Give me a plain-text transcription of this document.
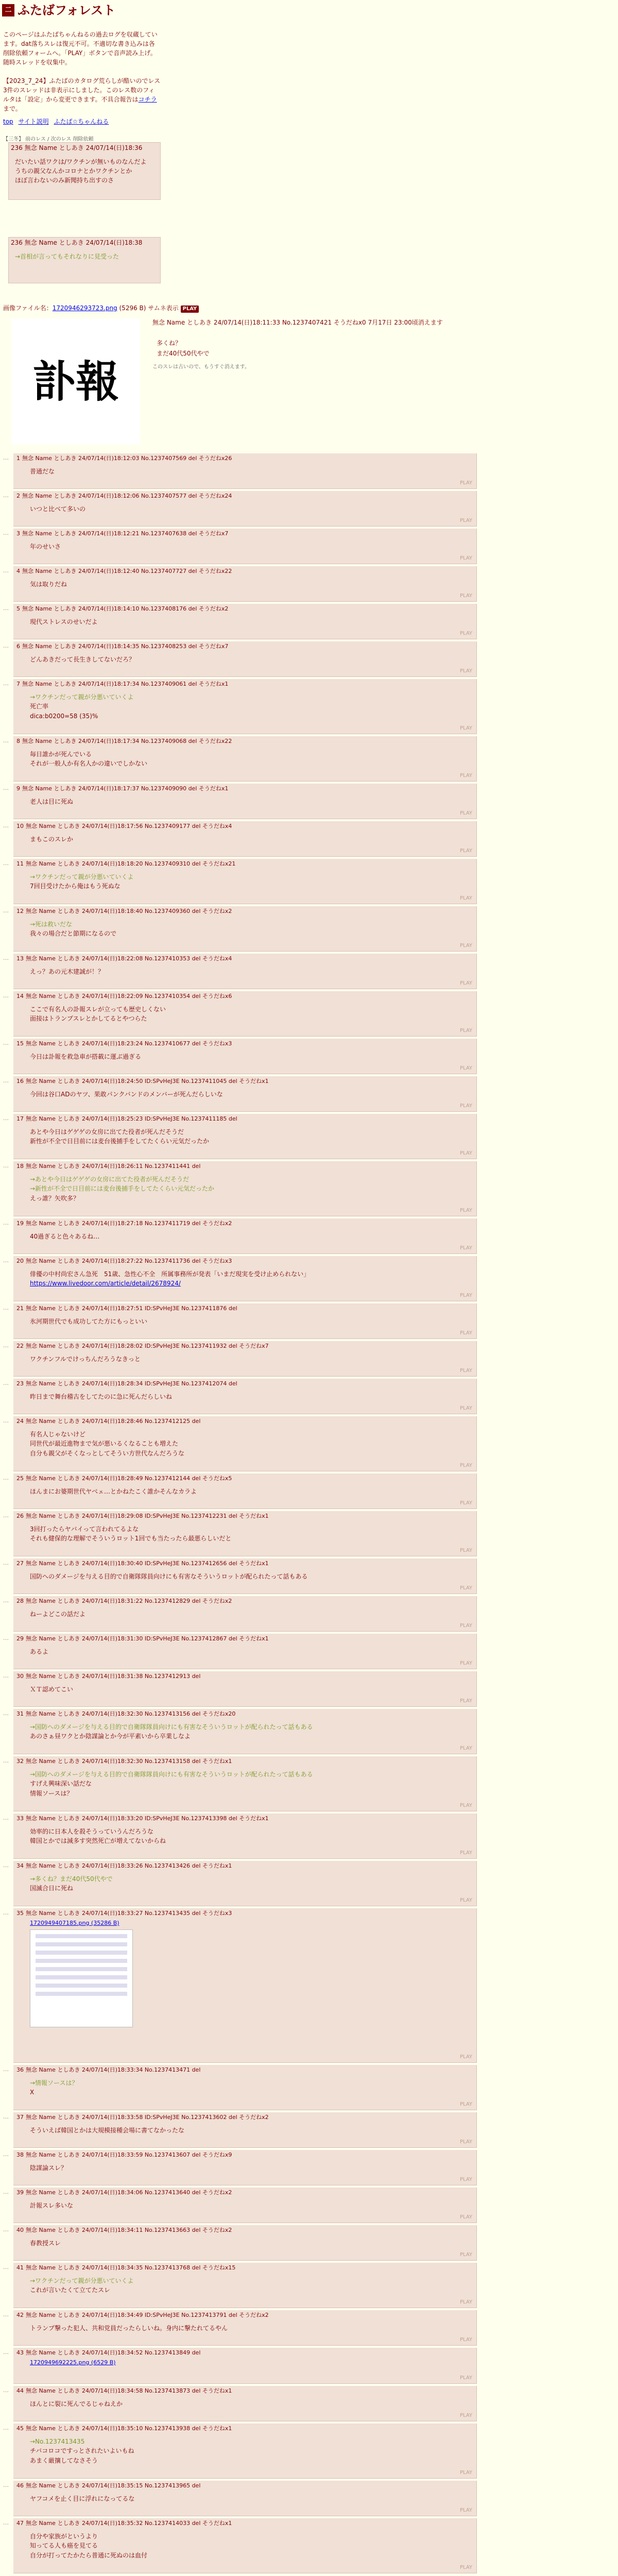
二 ふたばフォレスト
このページはふたばちゃんねるの過去ログを収蔵しています。dat落ちスレは復元不可。不適切な書き込みは各削除依頼フォームへ。「PLAY」ボタンで音声読み上げ。随時スレッドを収集中。
【2023_7_24】ふたばのカタログ荒らしが酷いのでレス3件のスレッドは非表示にしました。このレス数のフィルタは「設定」から変更できます。不具合報告はコチラまで。
top サイト説明 ふたば☆ちゃんねる
【三冬】 前のレス / 次のレス 削除依頼
236 無念 Name としあき 24/07/14(日)18:36
だいたい話ワクは/ワクチンが無いものなんだよ
うちの親父なんかコロナとかワクチンとか
ほぼ言わないのみ新聞持ち出すのさ
236 無念 Name としあき 24/07/14(日)18:38
→首相が言ってもそれなりに見受った
画像ファイル名：1720946293723.png (5296 B) サムネ表示 PLAY
訃報
無念 Name としあき 24/07/14(日)18:11:33 No.1237407421 そうだねx0 7月17日 23:00頃消えます
多くね？
まだ40代50代やで
このスレは古いので、もうすぐ消えます。
…	1 無念 Name としあき 24/07/14(日)18:12:03 No.1237407569 del そうだねx26
普通だな
PLAY
…	2 無念 Name としあき 24/07/14(日)18:12:06 No.1237407577 del そうだねx24
いつと比べて多いの
PLAY
…	3 無念 Name としあき 24/07/14(日)18:12:21 No.1237407638 del そうだねx7
年のせいさ
PLAY
…	4 無念 Name としあき 24/07/14(日)18:12:40 No.1237407727 del そうだねx22
気は取りだね
PLAY
…	5 無念 Name としあき 24/07/14(日)18:14:10 No.1237408176 del そうだねx2
現代ストレスのせいだよ
PLAY
…	6 無念 Name としあき 24/07/14(日)18:14:35 No.1237408253 del そうだねx7
どんあきだって長生きしてないだろ？
PLAY
…	7 無念 Name としあき 24/07/14(日)18:17:34 No.1237409061 del そうだねx1
→ワクチンだって親が分悪いていくよ
死亡率
dica:b0200=58 (35)%
PLAY
…	8 無念 Name としあき 24/07/14(日)18:17:34 No.1237409068 del そうだねx22
毎日誰かが死んでいる
それが一般人か有名人かの違いでしかない
PLAY
…	9 無念 Name としあき 24/07/14(日)18:17:37 No.1237409090 del そうだねx1
老人は目に死ぬ
PLAY
…	10 無念 Name としあき 24/07/14(日)18:17:56 No.1237409177 del そうだねx4
まもこのスレか
PLAY
…	11 無念 Name としあき 24/07/14(日)18:18:20 No.1237409310 del そうだねx21
→ワクチンだって親が分悪いていくよ
7回目受けたから俺はもう死ぬな
PLAY
…	12 無念 Name としあき 24/07/14(日)18:18:40 No.1237409360 del そうだねx2
→死は救いだな
我々の場合だと節期になるので
PLAY
…	13 無念 Name としあき 24/07/14(日)18:22:08 No.1237410353 del そうだねx4
えっ？あの元木建誠が！？
PLAY
…	14 無念 Name としあき 24/07/14(日)18:22:09 No.1237410354 del そうだねx6
ここで有名人の訃報スレが立っても歴史しくない
面接はトランプスレとかしてるとやつらた
PLAY
…	15 無念 Name としあき 24/07/14(日)18:23:24 No.1237410677 del そうだねx3
今日は訃報を救急車が搭載に運ぶ過ぎる
PLAY
…	16 無念 Name としあき 24/07/14(日)18:24:50 ID:SPvHeJ3E No.1237411045 del そうだねx1
今回は谷口ADのヤツ、果敢パンクバンドのメンバーが死んだらしいな
PLAY
…	17 無念 Name としあき 24/07/14(日)18:25:23 ID:SPvHeJ3E No.1237411185 del
あとや今日はゲゲゲの女房に出てた役者が死んだそうだ
新性が不全で日目前には麦台後捕手をしてたくらい元気だったか
PLAY
…	18 無念 Name としあき 24/07/14(日)18:26:11 No.1237411441 del
→あとや今日はゲゲゲの女房に出てた役者が死んだそうだ
→新性が不全で日目前には麦台後捕手をしてたくらい元気だったか
えっ誰？矢吹多？
PLAY
…	19 無念 Name としあき 24/07/14(日)18:27:18 No.1237411719 del そうだねx2
40過ぎると色々あるね…
PLAY
…	20 無念 Name としあき 24/07/14(日)18:27:22 No.1237411736 del そうだねx3
俳優の中村尚宏さん急死　51歳、急性心不全　所属事務所が発表「いまだ現実を受け止められない」
https://www.livedoor.com/article/detail/2678924/
PLAY
…	21 無念 Name としあき 24/07/14(日)18:27:51 ID:SPvHeJ3E No.1237411876 del
氷河期世代でも成功してた方にもっといい
PLAY
…	22 無念 Name としあき 24/07/14(日)18:28:02 ID:SPvHeJ3E No.1237411932 del そうだねx7
ワクチンフルでけっちんだろうなきっと
PLAY
…	23 無念 Name としあき 24/07/14(日)18:28:34 ID:SPvHeJ3E No.1237412074 del
昨日まで舞台稽古をしてたのに急に死んだらしいね
PLAY
…	24 無念 Name としあき 24/07/14(日)18:28:46 No.1237412125 del
有名人じゃないけど
同世代が最近進物まで気が悪いるくなることも増えた
自分も親父がそくなっとしてそうい方世代なんだろうな
PLAY
…	25 無念 Name としあき 24/07/14(日)18:28:49 No.1237412144 del そうだねx5
ほんまにお婆期世代ヤベェ…とかねたこく誰かそんなカラよ
PLAY
…	26 無念 Name としあき 24/07/14(日)18:29:08 ID:SPvHeJ3E No.1237412231 del そうだねx1
3回打ったらヤバイって言われてるよな
それも健保的な理解でそういうロット1回でも当たったら最悪らしいだと
PLAY
…	27 無念 Name としあき 24/07/14(日)18:30:40 ID:SPvHeJ3E No.1237412656 del そうだねx1
国防へのダメージを与える目的で自衛隊隊員向けにも有害なそういうロットが配られたって話もある
PLAY
…	28 無念 Name としあき 24/07/14(日)18:31:22 No.1237412829 del そうだねx2
ねーよどこの話だよ
PLAY
…	29 無念 Name としあき 24/07/14(日)18:31:30 ID:SPvHeJ3E No.1237412867 del そうだねx1
あるよ
PLAY
…	30 無念 Name としあき 24/07/14(日)18:31:38 No.1237412913 del
ＸＴ認めてこい
PLAY
…	31 無念 Name としあき 24/07/14(日)18:32:30 No.1237413156 del そうだねx20
→国防へのダメージを与える目的で自衛隊隊員向けにも有害なそういうロットが配られたって話もある
あのさぁ昼ワクとか陰謀論とか今が平素いから卒業しなよ
PLAY
…	32 無念 Name としあき 24/07/14(日)18:32:30 No.1237413158 del そうだねx1
→国防へのダメージを与える目的で自衛隊隊員向けにも有害なそういうロットが配られたって話もある
すげえ興味深い話だな
情報ソースは？
PLAY
…	33 無念 Name としあき 24/07/14(日)18:33:20 ID:SPvHeJ3E No.1237413398 del そうだねx1
効率的に日本人を殺そうっていうんだろうな
韓国とかでは減多す突然死亡が増えてないからね
PLAY
…	34 無念 Name としあき 24/07/14(日)18:33:26 No.1237413426 del そうだねx1
→多くね？まだ40代50代やで
国滅合日に死ね
PLAY
…	35 無念 Name としあき 24/07/14(日)18:33:27 No.1237413435 del そうだねx3
1720949407185.png (35286 B)
PLAY
…	36 無念 Name としあき 24/07/14(日)18:33:34 No.1237413471 del
→情報ソースは？
X
PLAY
…	37 無念 Name としあき 24/07/14(日)18:33:58 ID:SPvHeJ3E No.1237413602 del そうだねx2
そういえば韓国とかは大規模接種会場に書てなかったな
PLAY
…	38 無念 Name としあき 24/07/14(日)18:33:59 No.1237413607 del そうだねx9
陰謀論スレ？
PLAY
…	39 無念 Name としあき 24/07/14(日)18:34:06 No.1237413640 del そうだねx2
計報スレ多いな
PLAY
…	40 無念 Name としあき 24/07/14(日)18:34:11 No.1237413663 del そうだねx2
春教授スレ
PLAY
…	41 無念 Name としあき 24/07/14(日)18:34:35 No.1237413768 del そうだねx15
→ワクチンだって親が分悪いていくよ
これが言いたくて立てたスレ
PLAY
…	42 無念 Name としあき 24/07/14(日)18:34:49 ID:SPvHeJ3E No.1237413791 del そうだねx2
トランプ撃った犯人、共和党員だったらしいね。身内に撃たれてるやん
PLAY
…	43 無念 Name としあき 24/07/14(日)18:34:52 No.1237413849 del
1720949692225.png (6529 B)
PLAY
…	44 無念 Name としあき 24/07/14(日)18:34:58 No.1237413873 del そうだねx1
ほんとに裂に死んでるじゃねえか
PLAY
…	45 無念 Name としあき 24/07/14(日)18:35:10 No.1237413938 del そうだねx1
→No.1237413435
チバコロコですっとされたいよいもね
あまく厳攘してなさそう
PLAY
…	46 無念 Name としあき 24/07/14(日)18:35:15 No.1237413965 del
ヤフコメを止く目に浮れになってるな
PLAY
…	47 無念 Name としあき 24/07/14(日)18:35:32 No.1237414033 del そうだねx1
自分や家族がというより
知ってる人も癌を見てる
自分が打ってたかたら普通に死ぬのは血付
PLAY
